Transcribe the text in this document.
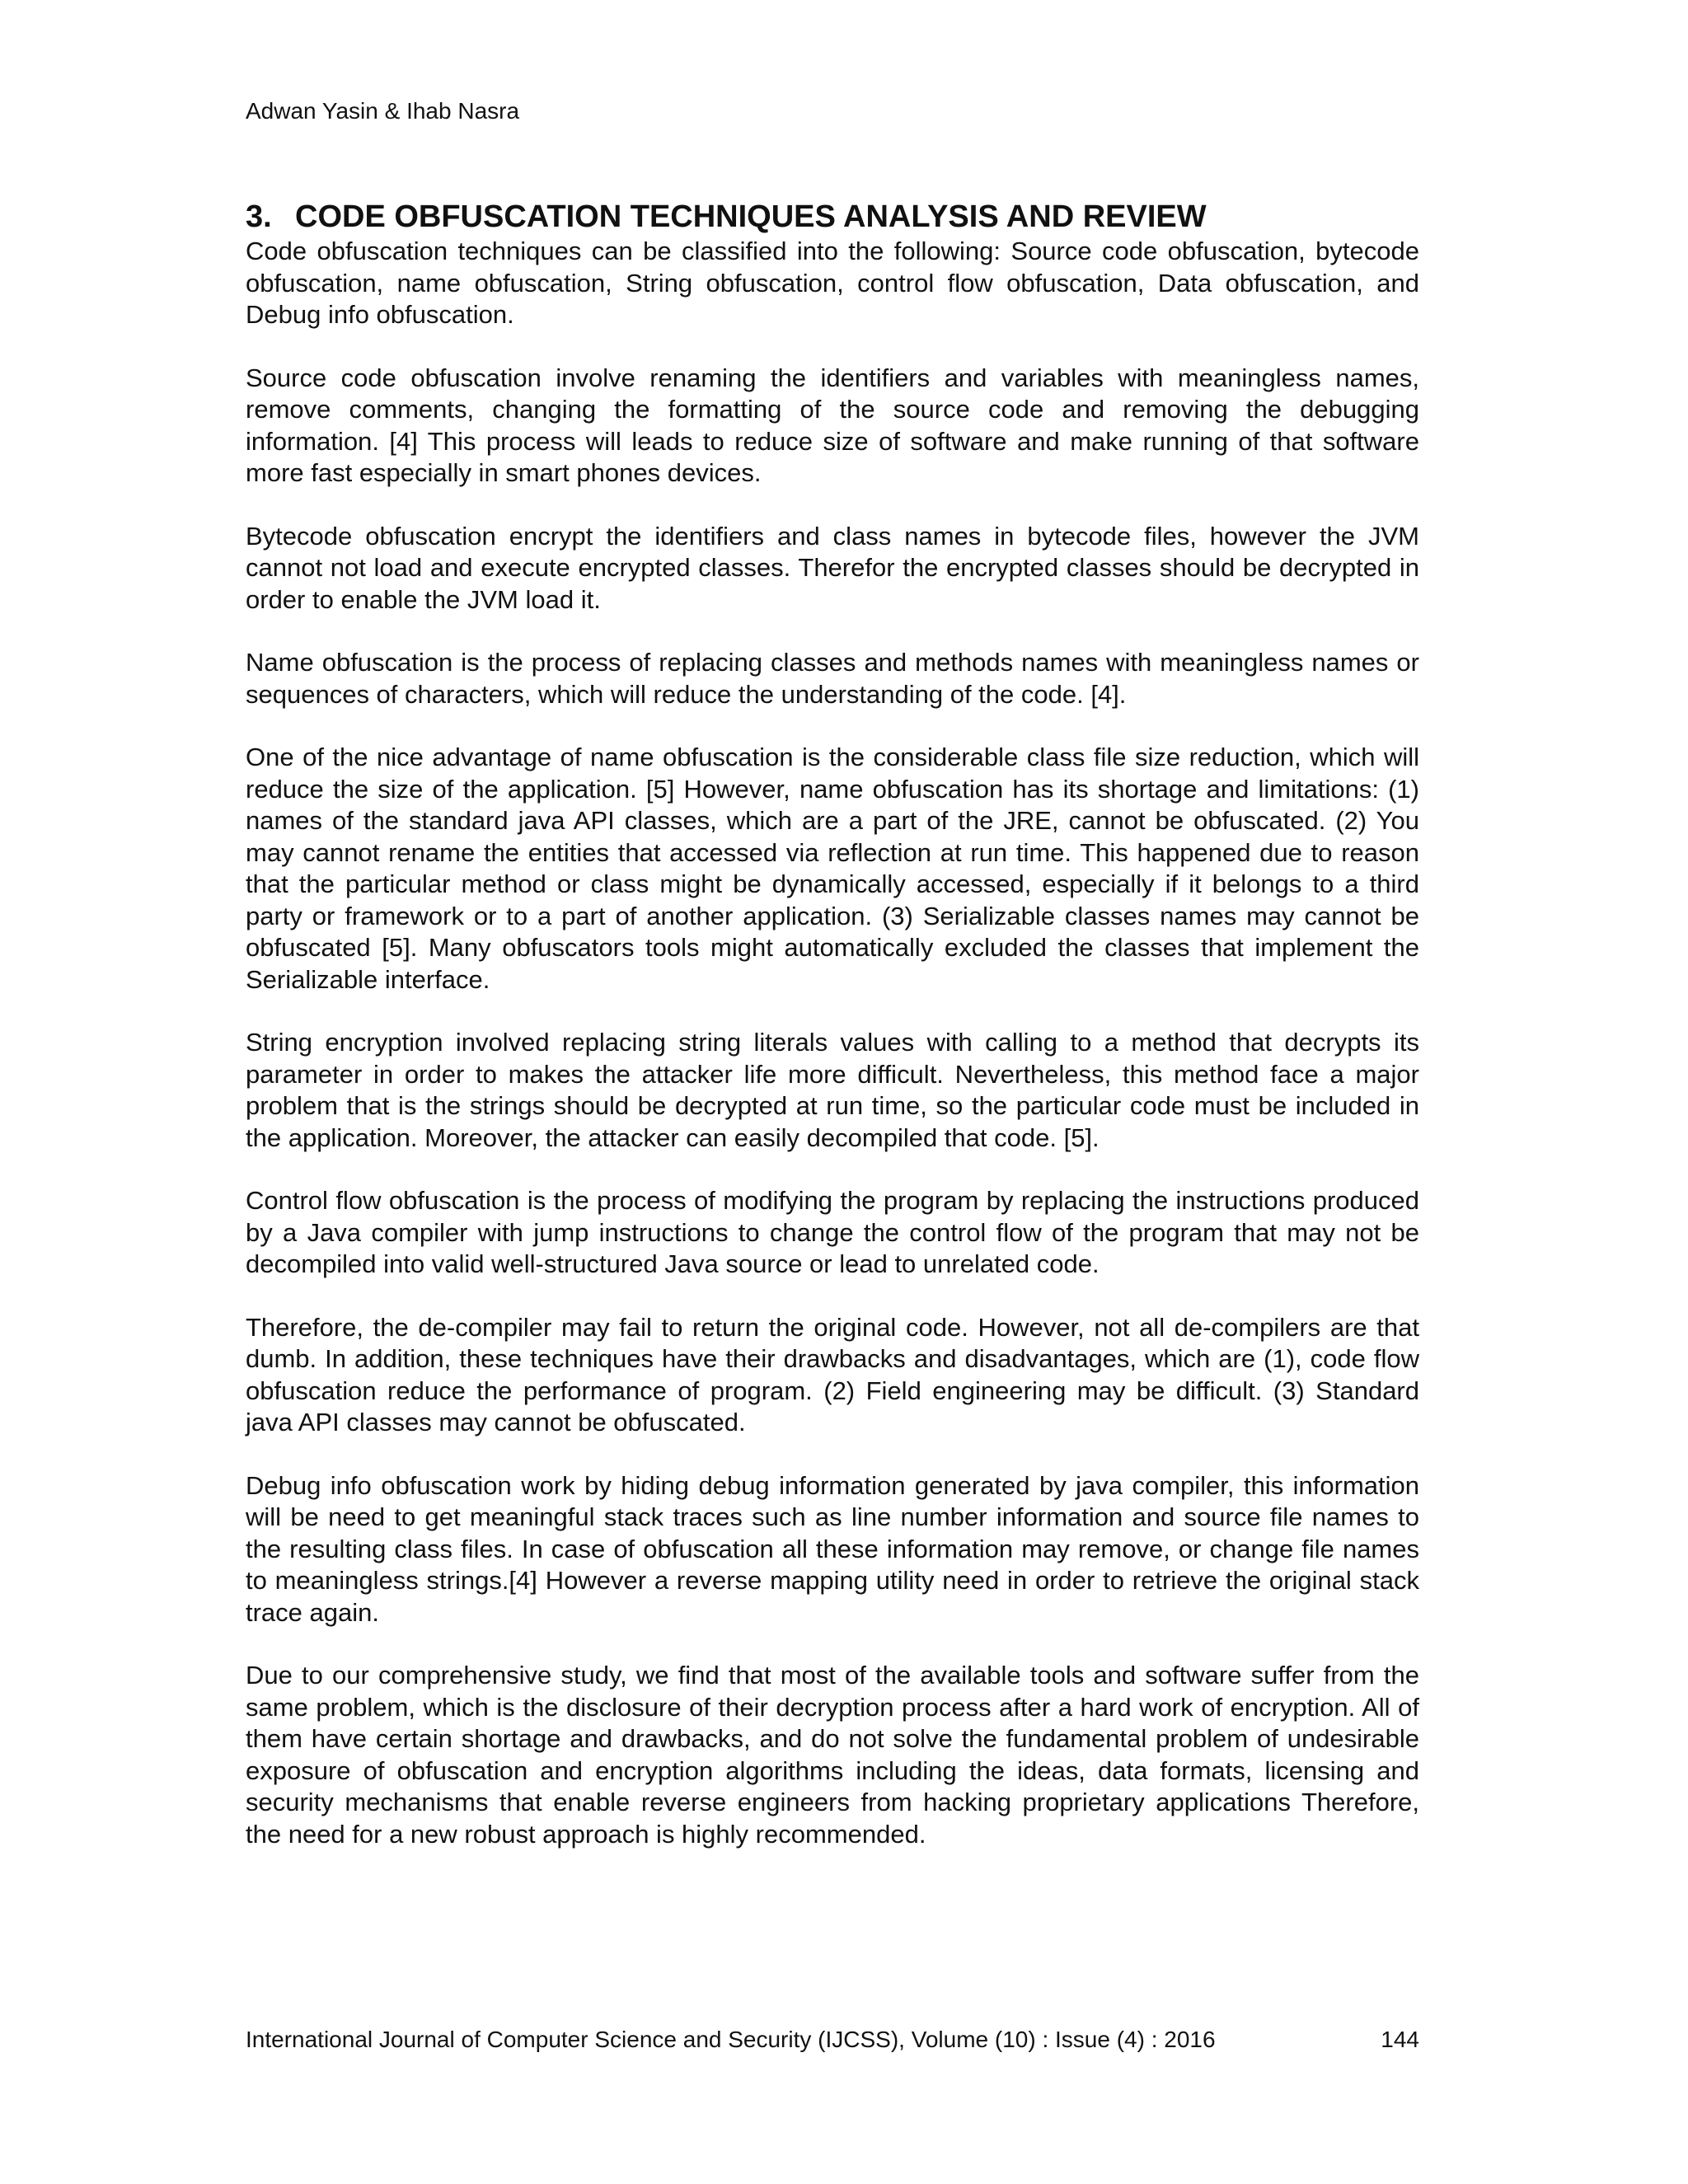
Adwan Yasin & Ihab Nasra
3. CODE OBFUSCATION TECHNIQUES ANALYSIS AND REVIEW

Code obfuscation techniques can be classified into the following: Source code obfuscation, bytecode obfuscation, name obfuscation, String obfuscation, control flow obfuscation, Data obfuscation, and Debug info obfuscation.

Source code obfuscation involve renaming the identifiers and variables with meaningless names, remove comments, changing the formatting of the source code and removing the debugging information. [4] This process will leads to reduce size of software and make running of that software more fast especially in smart phones devices.

Bytecode obfuscation encrypt the identifiers and class names in bytecode files, however the JVM cannot not load and execute encrypted classes. Therefor the encrypted classes should be decrypted in order to enable the JVM load it.

Name obfuscation is the process of replacing classes and methods names with meaningless names or sequences of characters, which will reduce the understanding of the code. [4].

One of the nice advantage of name obfuscation is the considerable class file size reduction, which will reduce the size of the application. [5] However, name obfuscation has its shortage and limitations: (1) names of the standard java API classes, which are a part of the JRE, cannot be obfuscated. (2) You may cannot rename the entities that accessed via reflection at run time. This happened due to reason that the particular method or class might be dynamically accessed, especially if it belongs to a third party or framework or to a part of another application. (3) Serializable classes names may cannot be obfuscated [5]. Many obfuscators tools might automatically excluded the classes that implement the Serializable interface.

String encryption involved replacing string literals values with calling to a method that decrypts its parameter in order to makes the attacker life more difficult. Nevertheless, this method face a major problem that is the strings should be decrypted at run time, so the particular code must be included in the application. Moreover, the attacker can easily decompiled that code. [5].

Control flow obfuscation is the process of modifying the program by replacing the instructions produced by a Java compiler with jump instructions to change the control flow of the program that may not be decompiled into valid well-structured Java source or lead to unrelated code.

Therefore, the de-compiler may fail to return the original code. However, not all de-compilers are that dumb. In addition, these techniques have their drawbacks and disadvantages, which are (1), code flow obfuscation reduce the performance of program. (2) Field engineering may be difficult. (3) Standard java API classes may cannot be obfuscated.

Debug info obfuscation work by hiding debug information generated by java compiler, this information will be need to get meaningful stack traces such as line number information and source file names to the resulting class files. In case of obfuscation all these information may remove, or change file names to meaningless strings.[4] However a reverse mapping utility need in order to retrieve the original stack trace again.

Due to our comprehensive study, we find that most of the available tools and software suffer from the same problem, which is the disclosure of their decryption process after a hard work of encryption. All of them have certain shortage and drawbacks, and do not solve the fundamental problem of undesirable exposure of obfuscation and encryption algorithms including the ideas, data formats, licensing and security mechanisms that enable reverse engineers from hacking proprietary applications Therefore, the need for a new robust approach is highly recommended.

International Journal of Computer Science and Security (IJCSS), Volume (10) : Issue (4) : 2016	144
